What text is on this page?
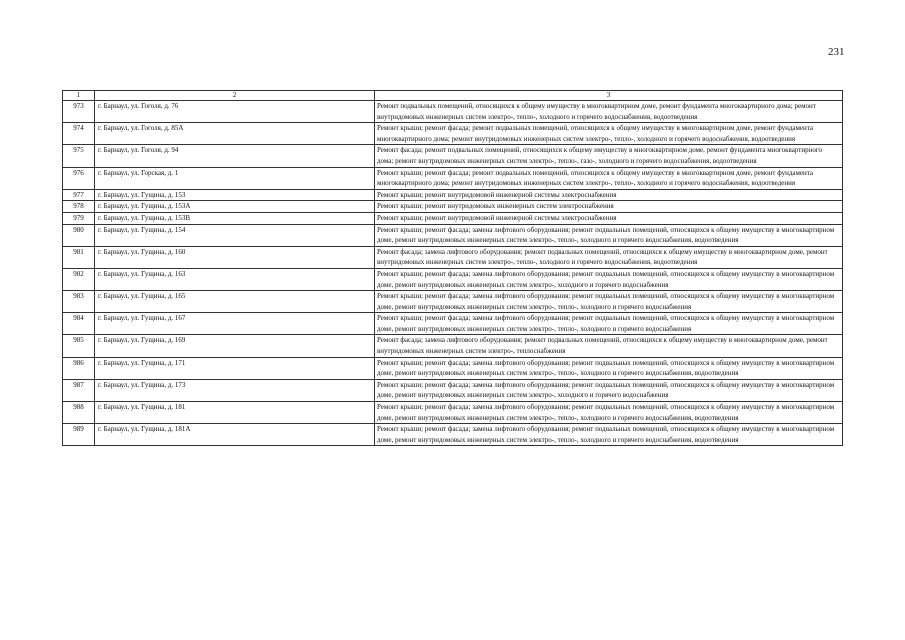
231
1	2	3
973	г. Барнаул, ул. Гоголя, д. 76	Ремонт подвальных помещений, относящихся к общему имуществу в многоквартирном доме, ремонт фундамента многоквартирного дома; ремонт внутридомовых инженерных систем электро-, тепло-, холодного и горячего водоснабжения, водоотведения
974	г. Барнаул, ул. Гоголя, д. 85А	Ремонт крыши; ремонт фасада; ремонт подвальных помещений, относящихся к общему имуществу в многоквартирном доме, ремонт фундамента многоквартирного дома; ремонт внутридомовых инженерных систем электро-, тепло-, холодного и горячего водоснабжения, водоотведения
975	г. Барнаул, ул. Гоголя, д. 94	Ремонт фасада; ремонт подвальных помещений, относящихся к общему имуществу в многоквартирном доме, ремонт фундамента многоквартирного дома; ремонт внутридомовых инженерных систем электро-, тепло-, газо-, холодного и горячего водоснабжения, водоотведения
976	г. Барнаул, ул. Горская, д. 1	Ремонт крыши; ремонт фасада; ремонт подвальных помещений, относящихся к общему имуществу в многоквартирном доме, ремонт фундамента многоквартирного дома; ремонт внутридомовых инженерных систем электро-, тепло-, холодного и горячего водоснабжения, водоотведения
977	г. Барнаул, ул. Гущина, д. 153	Ремонт крыши; ремонт внутридомовой инженерной системы электроснабжения
978	г. Барнаул, ул. Гущина, д. 153А	Ремонт крыши; ремонт внутридомовых инженерных систем электроснабжения
979	г. Барнаул, ул. Гущина, д. 153В	Ремонт крыши; ремонт внутридомовой инженерной системы электроснабжения
980	г. Барнаул, ул. Гущина, д. 154	Ремонт крыши; ремонт фасада; замена лифтового оборудования; ремонт подвальных помещений, относящихся к общему имуществу в многоквартирном доме, ремонт внутридомовых инженерных систем электро-, тепло-, холодного и горячего водоснабжения, водоотведения
981	г. Барнаул, ул. Гущина, д. 160	Ремонт фасада; замена лифтового оборудования; ремонт подвальных помещений, относящихся к общему имуществу в многоквартирном доме, ремонт внутридомовых инженерных систем электро-, тепло-, холодного и горячего водоснабжения, водоотведения
982	г. Барнаул, ул. Гущина, д. 163	Ремонт крыши; ремонт фасада; замена лифтового оборудования; ремонт подвальных помещений, относящихся к общему имуществу в многоквартирном доме, ремонт внутридомовых инженерных систем электро-, холодного и горячего водоснабжения
983	г. Барнаул, ул. Гущина, д. 165	Ремонт крыши; ремонт фасада; замена лифтового оборудования; ремонт подвальных помещений, относящихся к общему имуществу в многоквартирном доме, ремонт внутридомовых инженерных систем электро-, тепло-, холодного и горячего водоснабжения
984	г. Барнаул, ул. Гущина, д. 167	Ремонт крыши; ремонт фасада; замена лифтового оборудования; ремонт подвальных помещений, относящихся к общему имуществу в многоквартирном доме, ремонт внутридомовых инженерных систем электро-, тепло-, холодного и горячего водоснабжения
985	г. Барнаул, ул. Гущина, д. 169	Ремонт фасада; замена лифтового оборудования; ремонт подвальных помещений, относящихся к общему имуществу в многоквартирном доме, ремонт внутридомовых инженерных систем электро-, теплоснабжения
986	г. Барнаул, ул. Гущина, д. 171	Ремонт крыши; ремонт фасада; замена лифтового оборудования; ремонт подвальных помещений, относящихся к общему имуществу в многоквартирном доме, ремонт внутридомовых инженерных систем электро-, тепло-, холодного и горячего водоснабжения, водоотведения
987	г. Барнаул, ул. Гущина, д. 173	Ремонт крыши; ремонт фасада; замена лифтового оборудования; ремонт подвальных помещений, относящихся к общему имуществу в многоквартирном доме, ремонт внутридомовых инженерных систем электро-, холодного и горячего водоснабжения
988	г. Барнаул, ул. Гущина, д. 181	Ремонт крыши; ремонт фасада; замена лифтового оборудования; ремонт подвальных помещений, относящихся к общему имуществу в многоквартирном доме, ремонт внутридомовых инженерных систем электро-, тепло-, холодного и горячего водоснабжения, водоотведения
989	г. Барнаул, ул. Гущина, д. 181А	Ремонт крыши; ремонт фасада; замена лифтового оборудования; ремонт подвальных помещений, относящихся к общему имуществу в многоквартирном доме, ремонт внутридомовых инженерных систем электро-, тепло-, холодного и горячего водоснабжения, водоотведения
